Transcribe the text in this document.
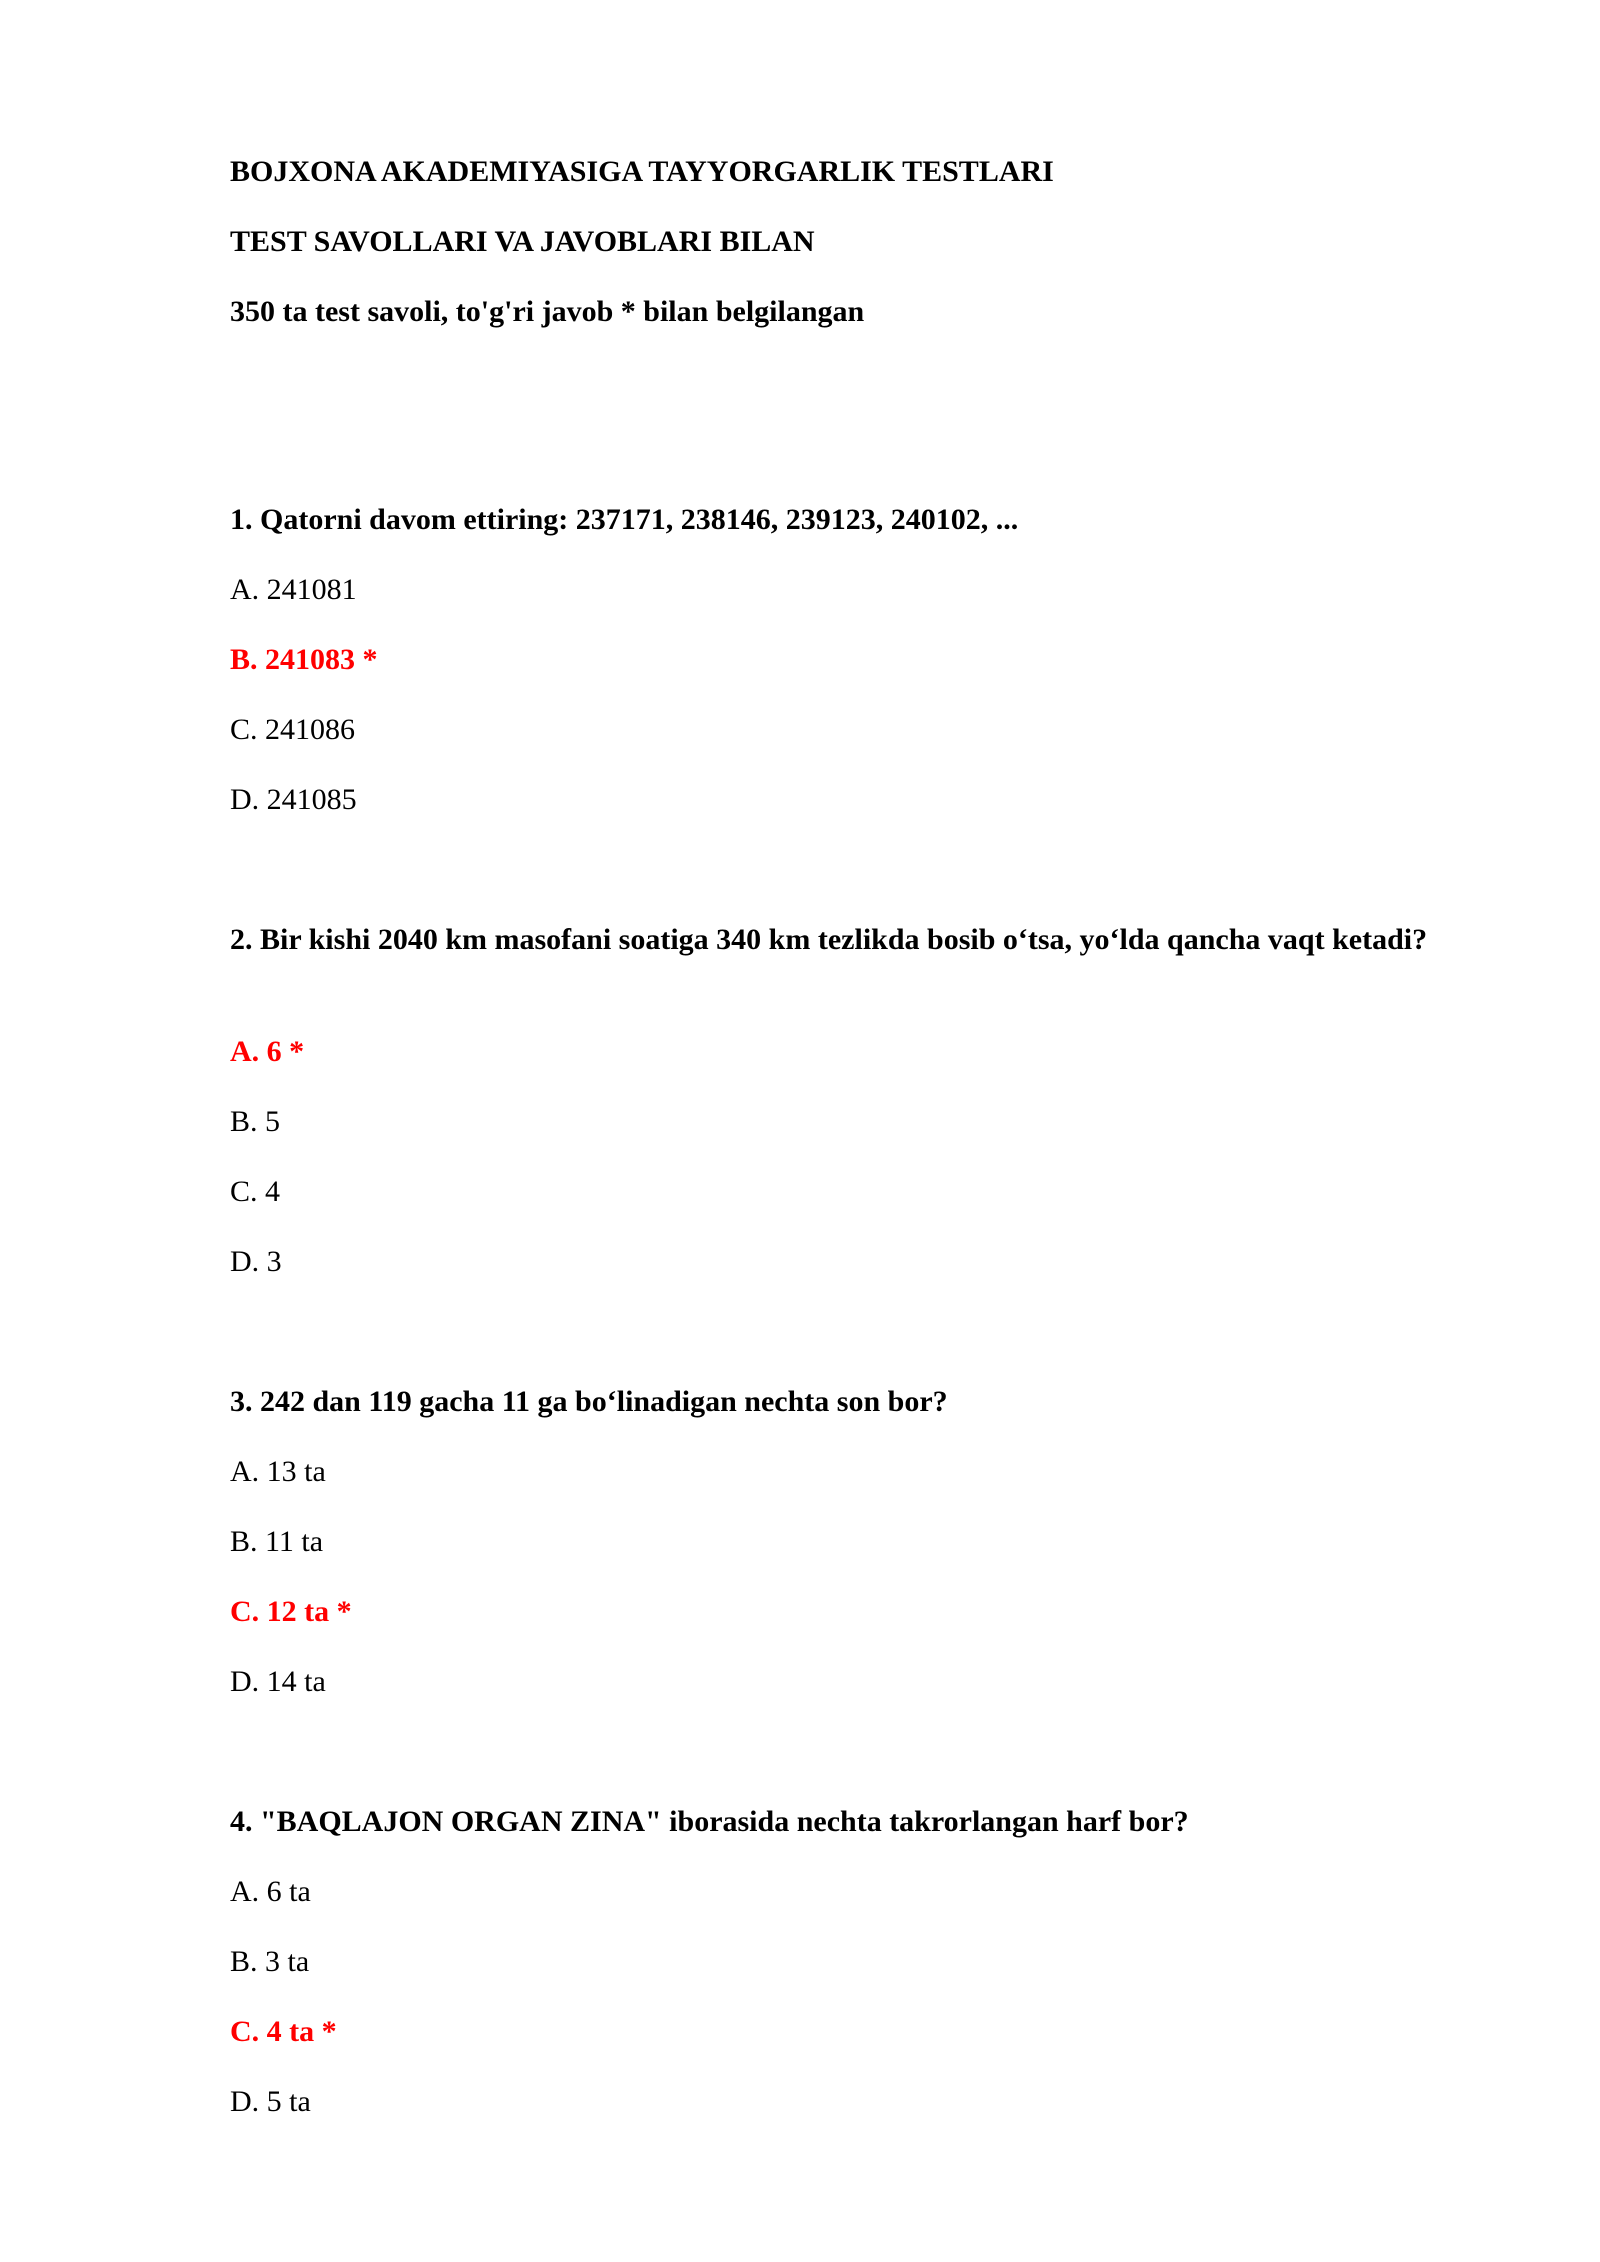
BOJXONA AKADEMIYASIGA TAYYORGARLIK TESTLARI

TEST SAVOLLARI VA JAVOBLARI BILAN

350 ta test savoli, to'g'ri javob * bilan belgilangan

1. Qatorni davom ettiring: 237171, 238146, 239123, 240102, ...

A. 241081

B. 241083 *

C. 241086

D. 241085

2. Bir kishi 2040 km masofani soatiga 340 km tezlikda bosib o‘tsa, yo‘lda qancha vaqt ketadi?

A. 6 *

B. 5

C. 4

D. 3

3. 242 dan 119 gacha 11 ga bo‘linadigan nechta son bor?

A. 13 ta

B. 11 ta

C. 12 ta *

D. 14 ta

4. "BAQLAJON ORGAN ZINA" iborasida nechta takrorlangan harf bor?

A. 6 ta

B. 3 ta

C. 4 ta *

D. 5 ta
